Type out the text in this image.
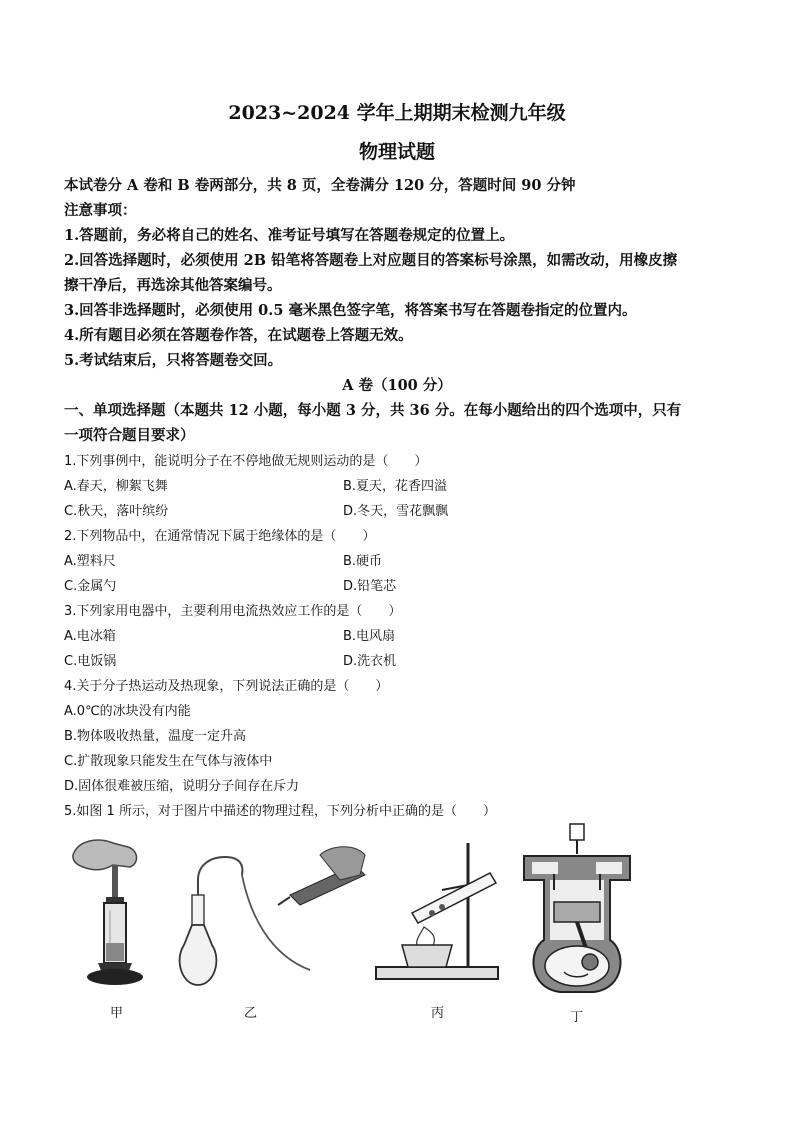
2023~2024 学年上期期末检测九年级
物理试题
本试卷分 A 卷和 B 卷两部分，共 8 页，全卷满分 120 分，答题时间 90 分钟
注意事项：
1.答题前，务必将自己的姓名、准考证号填写在答题卷规定的位置上。
2.回答选择题时，必须使用 2B 铅笔将答题卷上对应题目的答案标号涂黑，如需改动，用橡皮擦
擦干净后，再选涂其他答案编号。
3.回答非选择题时，必须使用 0.5 毫米黑色签字笔，将答案书写在答题卷指定的位置内。
4.所有题目必须在答题卷作答，在试题卷上答题无效。
5.考试结束后，只将答题卷交回。
A 卷（100 分）
一、单项选择题（本题共 12 小题，每小题 3 分，共 36 分。在每小题给出的四个选项中，只有
一项符合题目要求）
1.下列事例中，能说明分子在不停地做无规则运动的是（　　）
A.春天，柳絮飞舞	B.夏天，花香四溢
C.秋天，落叶缤纷	D.冬天，雪花飘飘
2.下列物品中，在通常情况下属于绝缘体的是（　　）
A.塑料尺	B.硬币
C.金属勺	D.铅笔芯
3.下列家用电器中，主要利用电流热效应工作的是（　　）
A.电冰箱	B.电风扇
C.电饭锅	D.洗衣机
4.关于分子热运动及热现象，下列说法正确的是（　　）
A.0℃的冰块没有内能
B.物体吸收热量，温度一定升高
C.扩散现象只能发生在气体与液体中
D.固体很难被压缩，说明分子间存在斥力
5.如图 1 所示，对于图片中描述的物理过程，下列分析中正确的是（　　）
甲	乙	丙	丁
